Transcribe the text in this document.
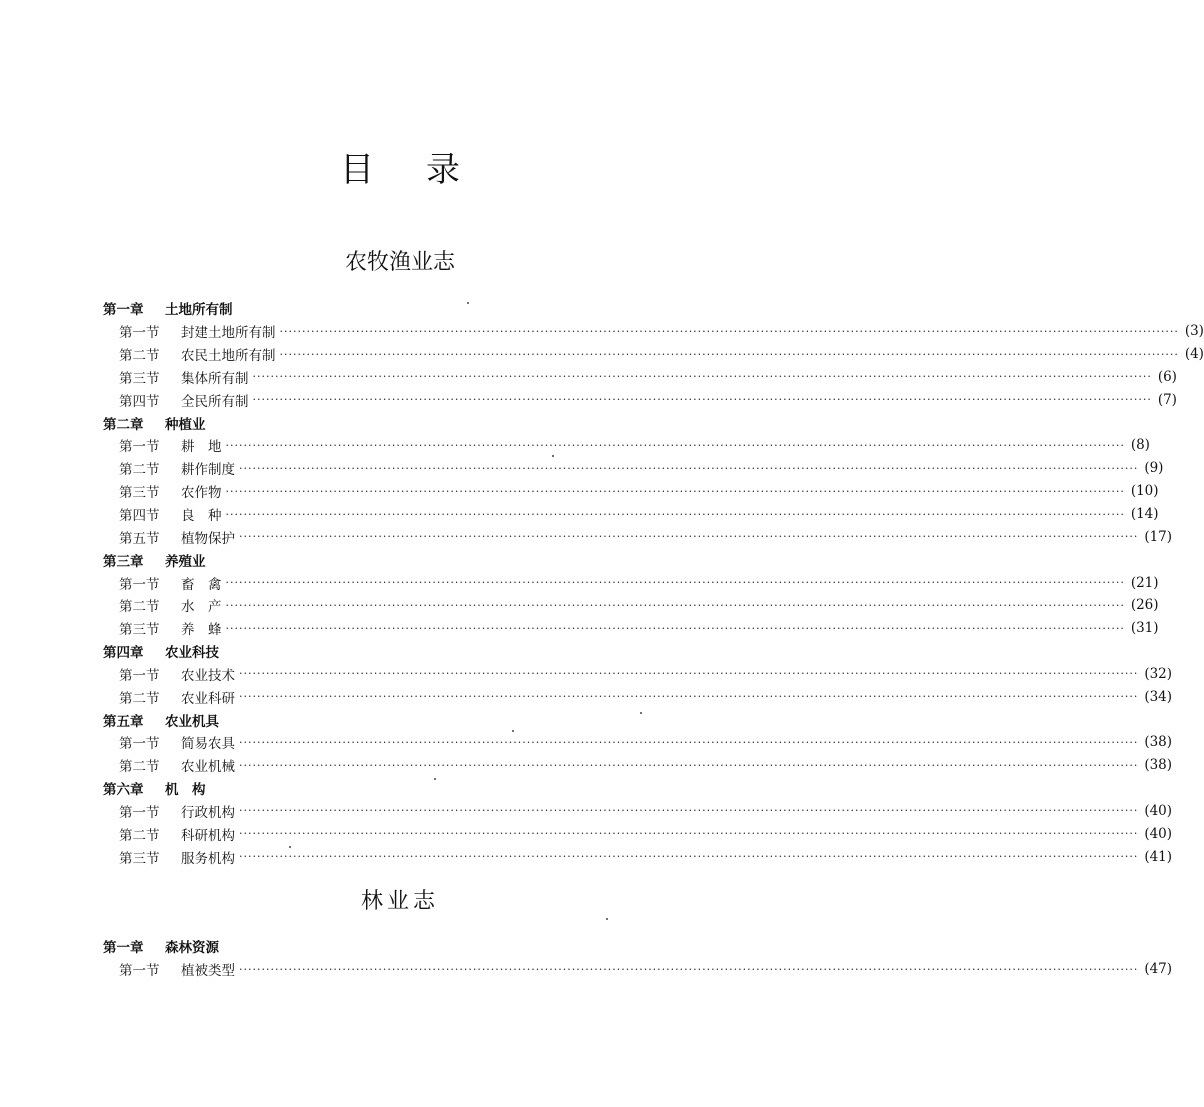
目录
农牧渔业志
第一章	土地所有制
第一节	封建土地所有制 ········································································································································································································ (3)
第二节	农民土地所有制 ········································································································································································································ (4)
第三节	集体所有制 ········································································································································································································ (6)
第四节	全民所有制 ········································································································································································································ (7)
第二章	种植业
第一节	耕　地 ········································································································································································································ (8)
第二节	耕作制度 ········································································································································································································ (9)
第三节	农作物 ········································································································································································································ (10)
第四节	良　种 ········································································································································································································ (14)
第五节	植物保护 ········································································································································································································ (17)
第三章	养殖业
第一节	畜　禽 ········································································································································································································ (21)
第二节	水　产 ········································································································································································································ (26)
第三节	养　蜂 ········································································································································································································ (31)
第四章	农业科技
第一节	农业技术 ········································································································································································································ (32)
第二节	农业科研 ········································································································································································································ (34)
第五章	农业机具
第一节	简易农具 ········································································································································································································ (38)
第二节	农业机械 ········································································································································································································ (38)
第六章	机　构
第一节	行政机构 ········································································································································································································ (40)
第二节	科研机构 ········································································································································································································ (40)
第三节	服务机构 ········································································································································································································ (41)
林业志
第一章	森林资源
第一节	植被类型 ········································································································································································································ (47)
